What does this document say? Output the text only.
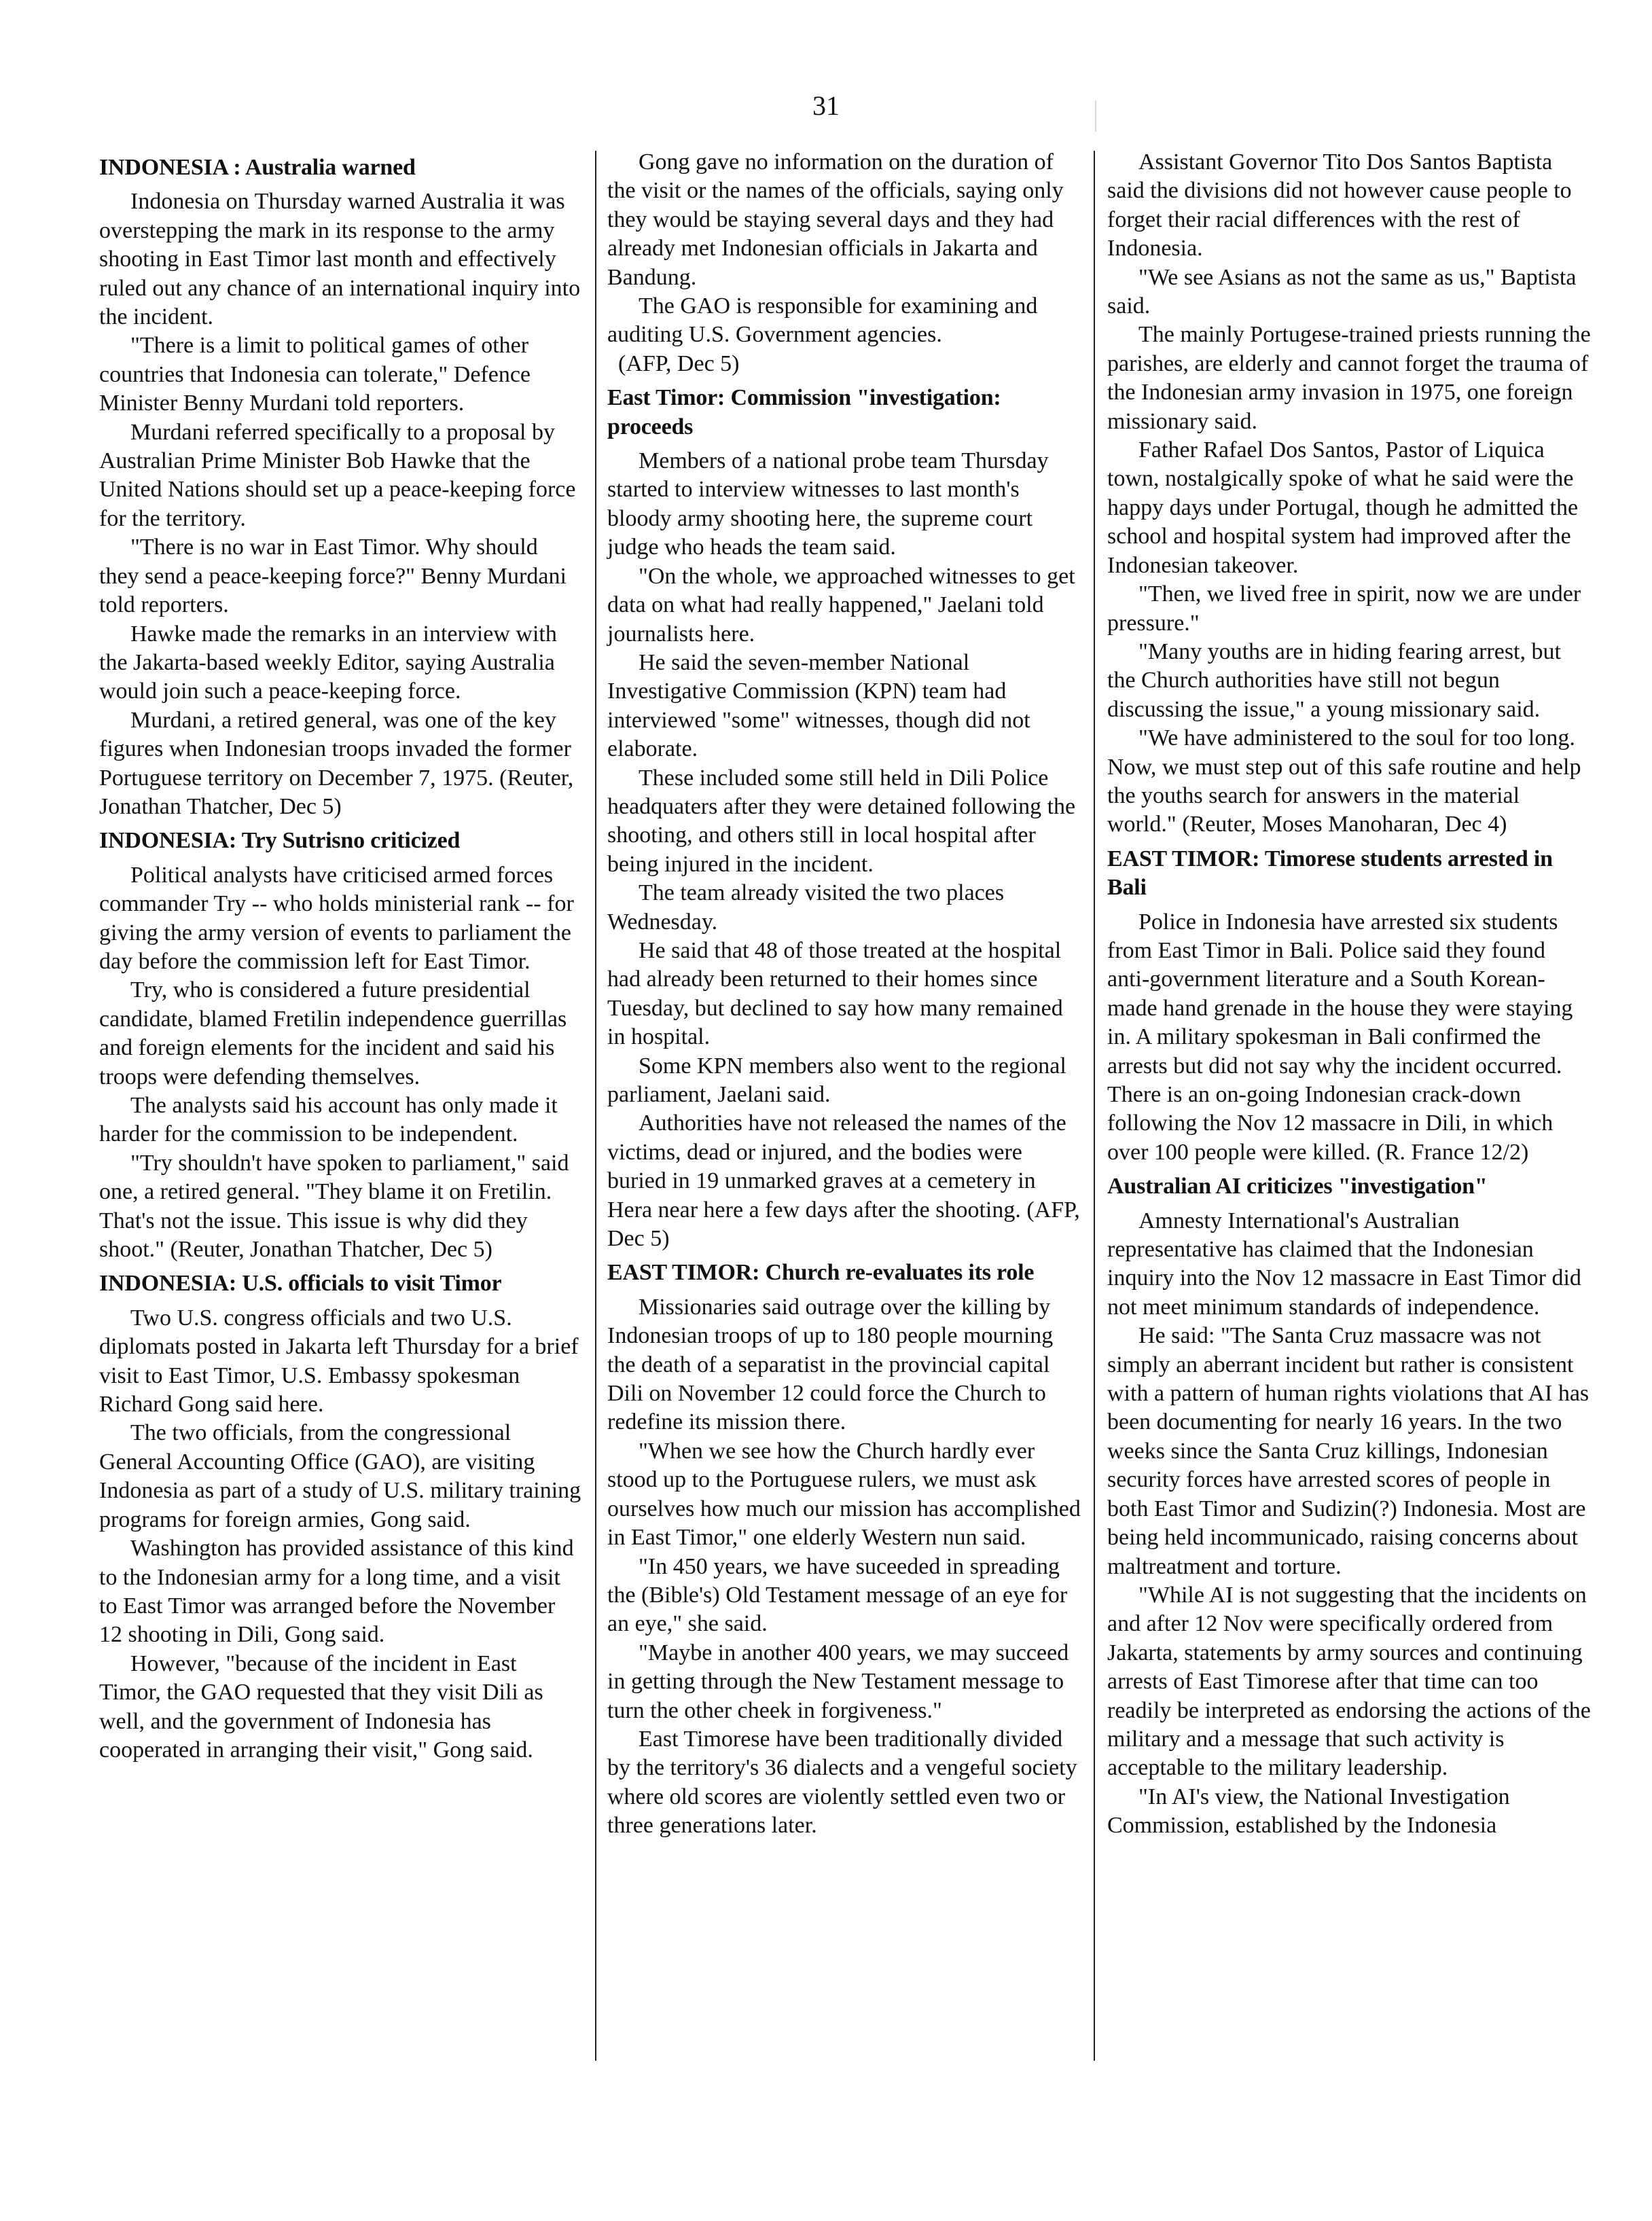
31
INDONESIA : Australia warned

Indonesia on Thursday warned Australia it was overstepping the mark in its response to the army shooting in East Timor last month and effectively ruled out any chance of an international inquiry into the incident.

"There is a limit to political games of other countries that Indonesia can tolerate," Defence Minister Benny Murdani told reporters.

Murdani referred specifically to a proposal by Australian Prime Minister Bob Hawke that the United Nations should set up a peace-keeping force for the territory.

"There is no war in East Timor. Why should they send a peace-keeping force?" Benny Murdani told reporters.

Hawke made the remarks in an interview with the Jakarta-based weekly Editor, saying Australia would join such a peace-keeping force.

Murdani, a retired general, was one of the key figures when Indonesian troops invaded the former Portuguese territory on December 7, 1975. (Reuter, Jonathan Thatcher, Dec 5)

INDONESIA: Try Sutrisno criticized

Political analysts have criticised armed forces commander Try -- who holds ministerial rank -- for giving the army version of events to parliament the day before the commission left for East Timor.

Try, who is considered a future presidential candidate, blamed Fretilin independence guerrillas and foreign elements for the incident and said his troops were defending themselves.

The analysts said his account has only made it harder for the commission to be independent.

"Try shouldn't have spoken to parliament," said one, a retired general. "They blame it on Fretilin. That's not the issue. This issue is why did they shoot." (Reuter, Jonathan Thatcher, Dec 5)

INDONESIA: U.S. officials to visit Timor

Two U.S. congress officials and two U.S. diplomats posted in Jakarta left Thursday for a brief visit to East Timor, U.S. Embassy spokesman Richard Gong said here.

The two officials, from the congressional General Accounting Office (GAO), are visiting Indonesia as part of a study of U.S. military training programs for foreign armies, Gong said.

Washington has provided assistance of this kind to the Indonesian army for a long time, and a visit to East Timor was arranged before the November 12 shooting in Dili, Gong said.

However, "because of the incident in East Timor, the GAO requested that they visit Dili as well, and the government of Indonesia has cooperated in arranging their visit," Gong said.

Gong gave no information on the duration of the visit or the names of the officials, saying only they would be staying several days and they had already met Indonesian officials in Jakarta and Bandung.

The GAO is responsible for examining and auditing U.S. Government agencies.

(AFP, Dec 5)

East Timor: Commission "investigation: proceeds

Members of a national probe team Thursday started to interview witnesses to last month's bloody army shooting here, the supreme court judge who heads the team said.

"On the whole, we approached witnesses to get data on what had really happened," Jaelani told journalists here.

He said the seven-member National Investigative Commission (KPN) team had interviewed "some" witnesses, though did not elaborate.

These included some still held in Dili Police headquaters after they were detained following the shooting, and others still in local hospital after being injured in the incident.

The team already visited the two places Wednesday.

He said that 48 of those treated at the hospital had already been returned to their homes since Tuesday, but declined to say how many remained in hospital.

Some KPN members also went to the regional parliament, Jaelani said.

Authorities have not released the names of the victims, dead or injured, and the bodies were buried in 19 unmarked graves at a cemetery in Hera near here a few days after the shooting. (AFP, Dec 5)

EAST TIMOR: Church re-evaluates its role

Missionaries said outrage over the killing by Indonesian troops of up to 180 people mourning the death of a separatist in the provincial capital Dili on November 12 could force the Church to redefine its mission there.

"When we see how the Church hardly ever stood up to the Portuguese rulers, we must ask ourselves how much our mission has accomplished in East Timor," one elderly Western nun said.

"In 450 years, we have suceeded in spreading the (Bible's) Old Testament message of an eye for an eye," she said.

"Maybe in another 400 years, we may succeed in getting through the New Testament message to turn the other cheek in forgiveness."

East Timorese have been traditionally divided by the territory's 36 dialects and a vengeful society where old scores are violently settled even two or three generations later.

Assistant Governor Tito Dos Santos Baptista said the divisions did not however cause people to forget their racial differences with the rest of Indonesia.

"We see Asians as not the same as us," Baptista said.

The mainly Portugese-trained priests running the parishes, are elderly and cannot forget the trauma of the Indonesian army invasion in 1975, one foreign missionary said.

Father Rafael Dos Santos, Pastor of Liquica town, nostalgically spoke of what he said were the happy days under Portugal, though he admitted the school and hospital system had improved after the Indonesian takeover.

"Then, we lived free in spirit, now we are under pressure."

"Many youths are in hiding fearing arrest, but the Church authorities have still not begun discussing the issue," a young missionary said.

"We have administered to the soul for too long. Now, we must step out of this safe routine and help the youths search for answers in the material world." (Reuter, Moses Manoharan, Dec 4)

EAST TIMOR: Timorese students arrested in Bali

Police in Indonesia have arrested six students from East Timor in Bali. Police said they found anti-government literature and a South Korean-made hand grenade in the house they were staying in. A military spokesman in Bali confirmed the arrests but did not say why the incident occurred. There is an on-going Indonesian crack-down following the Nov 12 massacre in Dili, in which over 100 people were killed. (R. France 12/2)

Australian AI criticizes "investigation"

Amnesty International's Australian representative has claimed that the Indonesian inquiry into the Nov 12 massacre in East Timor did not meet minimum standards of independence.

He said: "The Santa Cruz massacre was not simply an aberrant incident but rather is consistent with a pattern of human rights violations that AI has been documenting for nearly 16 years. In the two weeks since the Santa Cruz killings, Indonesian security forces have arrested scores of people in both East Timor and Sudizin(?) Indonesia. Most are being held incommunicado, raising concerns about maltreatment and torture.

"While AI is not suggesting that the incidents on and after 12 Nov were specifically ordered from Jakarta, statements by army sources and continuing arrests of East Timorese after that time can too readily be interpreted as endorsing the actions of the military and a message that such activity is acceptable to the military leadership.

"In AI's view, the National Investigation Commission, established by the Indonesia
